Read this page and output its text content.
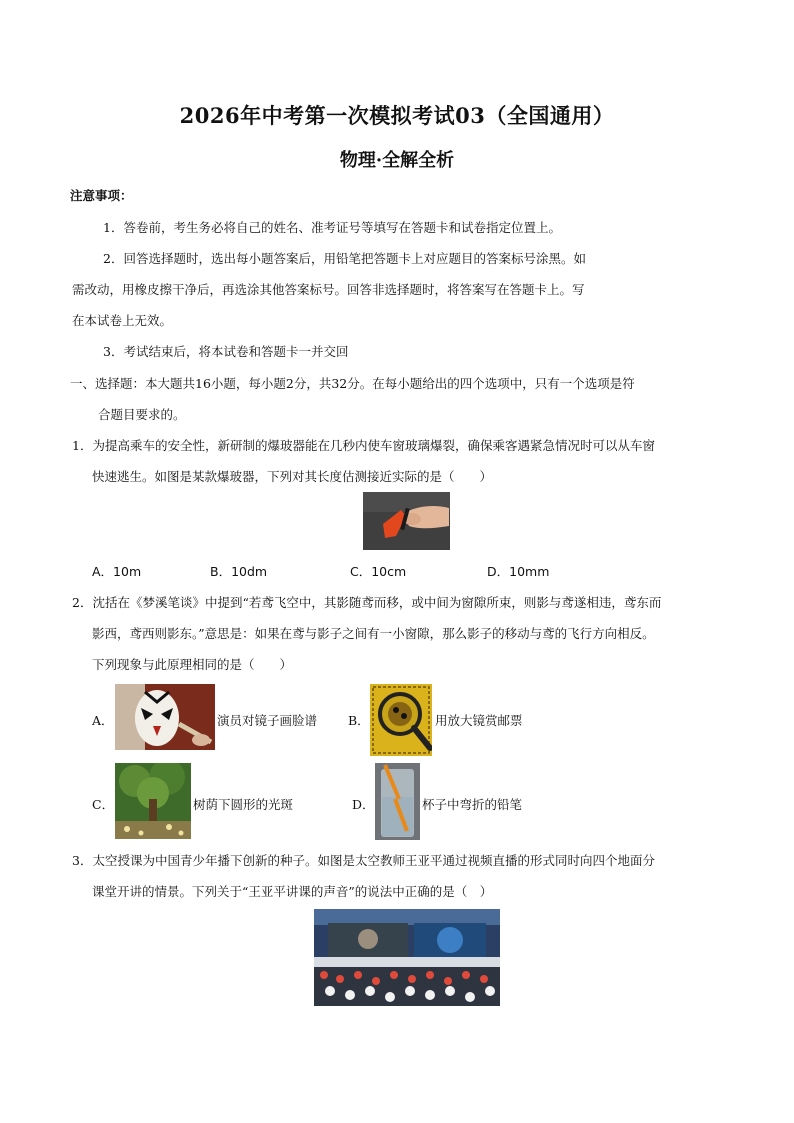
2026年中考第一次模拟考试03（全国通用）
物理·全解全析
注意事项：
1．答卷前，考生务必将自己的姓名、准考证号等填写在答题卡和试卷指定位置上。
2．回答选择题时，选出每小题答案后，用铅笔把答题卡上对应题目的答案标号涂黑。如
需改动，用橡皮擦干净后，再选涂其他答案标号。回答非选择题时，将答案写在答题卡上。写
在本试卷上无效。
3．考试结束后，将本试卷和答题卡一并交回
一、选择题：本大题共16小题，每小题2分，共32分。在每小题给出的四个选项中，只有一个选项是符
合题目要求的。
1．为提高乘车的安全性，新研制的爆玻器能在几秒内使车窗玻璃爆裂，确保乘客遇紧急情况时可以从车窗
快速逃生。如图是某款爆玻器，下列对其长度估测接近实际的是（　　）
A．10m	B．10dm	C．10cm	D．10mm
2．沈括在《梦溪笔谈》中提到“若鸢飞空中，其影随鸢而移，或中间为窗隙所束，则影与鸢遂相违，鸢东而
影西，鸢西则影东。”意思是：如果在鸢与影子之间有一小窗隙，那么影子的移动与鸢的飞行方向相反。
下列现象与此原理相同的是（　　）
A．	演员对镜子画脸谱 B．	用放大镜赏邮票
C．	树荫下圆形的光斑	D．	杯子中弯折的铅笔
3．太空授课为中国青少年播下创新的种子。如图是太空教师王亚平通过视频直播的形式同时向四个地面分
课堂开讲的情景。下列关于“王亚平讲课的声音”的说法中正确的是（　）
